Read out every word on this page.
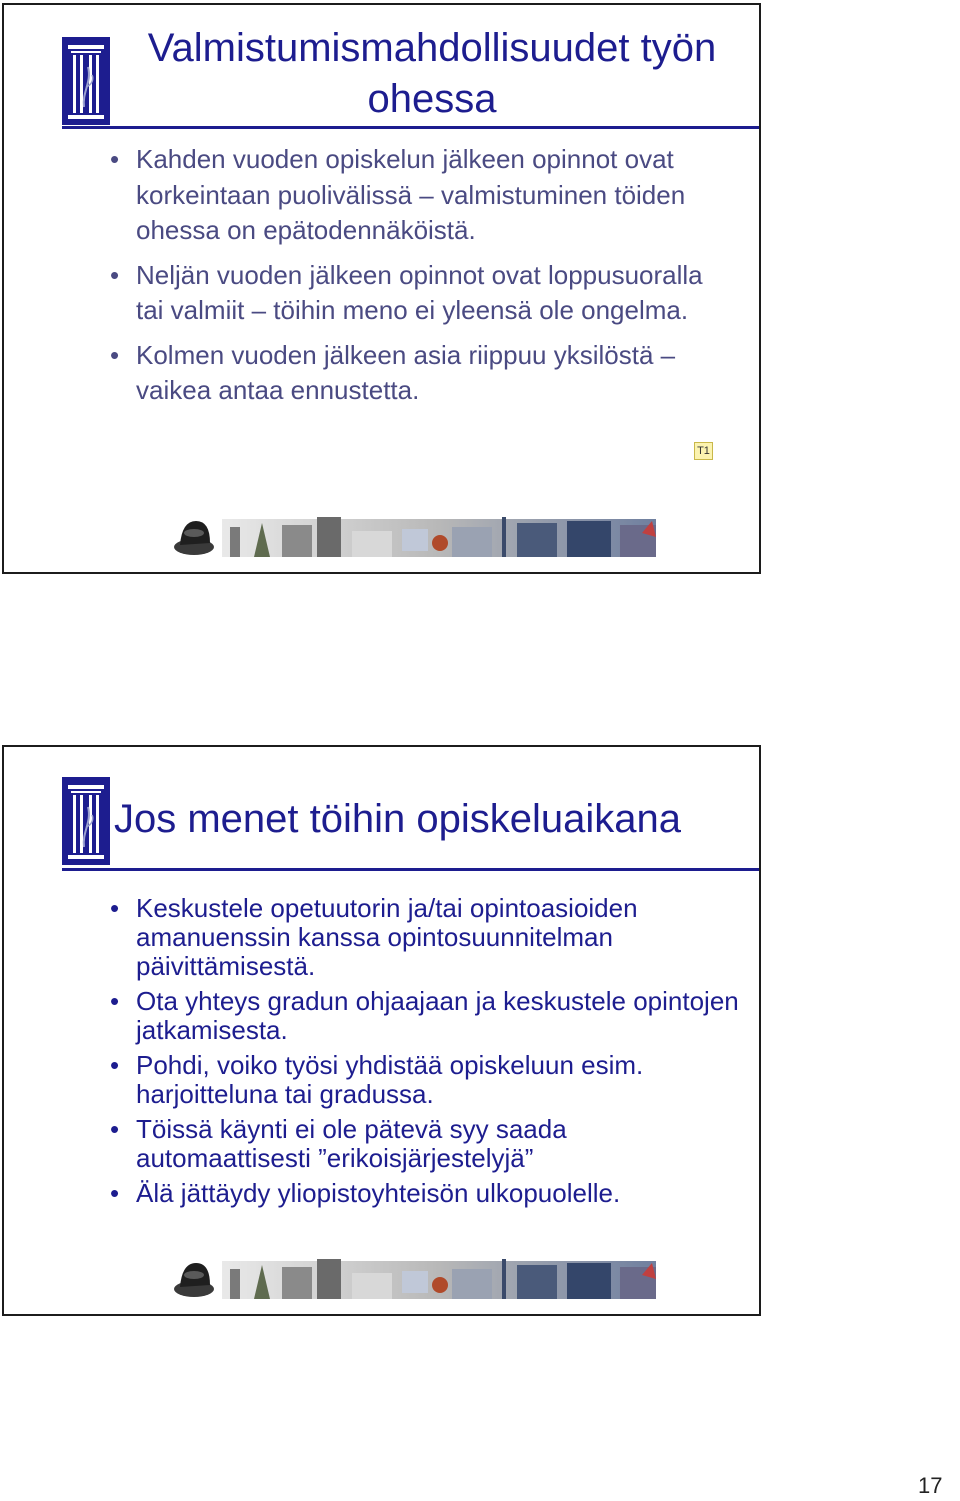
Valmistumismahdollisuudet työn ohessa
• Kahden vuoden opiskelun jälkeen opinnot ovat korkeintaan puolivälissä – valmistuminen töiden ohessa on epätodennäköistä.
• Neljän vuoden jälkeen opinnot ovat loppusuoralla tai valmiit – töihin meno ei yleensä ole ongelma.
• Kolmen vuoden jälkeen asia riippuu yksilöstä – vaikea antaa ennustetta.
T1
Jos menet töihin opiskeluaikana
• Keskustele opetuutorin ja/tai opintoasioiden amanuenssin kanssa opintosuunnitelman päivittämisestä.
• Ota yhteys gradun ohjaajaan ja keskustele opintojen jatkamisesta.
• Pohdi, voiko työsi yhdistää opiskeluun esim. harjoitteluna tai gradussa.
• Töissä käynti ei ole pätevä syy saada automaattisesti ”erikoisjärjestelyjä”
• Älä jättäydy yliopistoyhteisön ulkopuolelle.
17
